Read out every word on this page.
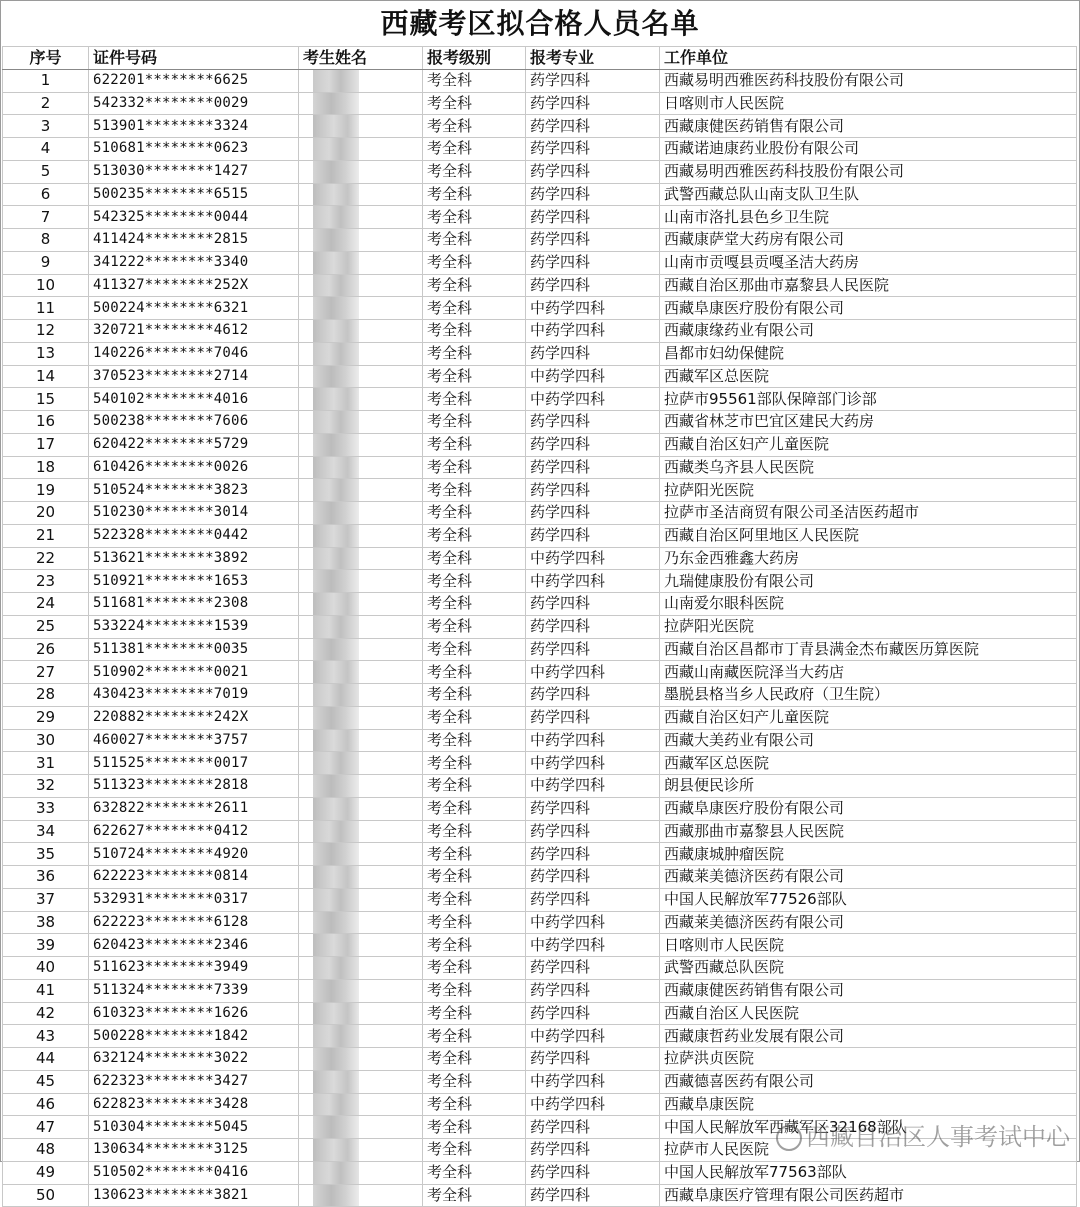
西藏考区拟合格人员名单
序号	证件号码	考生姓名	报考级别	报考专业	工作单位
1	622201********6625		考全科	药学四科	西藏易明西雅医药科技股份有限公司
2	542332********0029		考全科	药学四科	日喀则市人民医院
3	513901********3324		考全科	药学四科	西藏康健医药销售有限公司
4	510681********0623		考全科	药学四科	西藏诺迪康药业股份有限公司
5	513030********1427		考全科	药学四科	西藏易明西雅医药科技股份有限公司
6	500235********6515		考全科	药学四科	武警西藏总队山南支队卫生队
7	542325********0044		考全科	药学四科	山南市洛扎县色乡卫生院
8	411424********2815		考全科	药学四科	西藏康萨堂大药房有限公司
9	341222********3340		考全科	药学四科	山南市贡嘎县贡嘎圣洁大药房
10	411327********252X		考全科	药学四科	西藏自治区那曲市嘉黎县人民医院
11	500224********6321		考全科	中药学四科	西藏阜康医疗股份有限公司
12	320721********4612		考全科	中药学四科	西藏康缘药业有限公司
13	140226********7046		考全科	药学四科	昌都市妇幼保健院
14	370523********2714		考全科	中药学四科	西藏军区总医院
15	540102********4016		考全科	中药学四科	拉萨市95561部队保障部门诊部
16	500238********7606		考全科	药学四科	西藏省林芝市巴宜区建民大药房
17	620422********5729		考全科	药学四科	西藏自治区妇产儿童医院
18	610426********0026		考全科	药学四科	西藏类乌齐县人民医院
19	510524********3823		考全科	药学四科	拉萨阳光医院
20	510230********3014		考全科	药学四科	拉萨市圣洁商贸有限公司圣洁医药超市
21	522328********0442		考全科	药学四科	西藏自治区阿里地区人民医院
22	513621********3892		考全科	中药学四科	乃东金西雅鑫大药房
23	510921********1653		考全科	中药学四科	九瑞健康股份有限公司
24	511681********2308		考全科	药学四科	山南爱尔眼科医院
25	533224********1539		考全科	药学四科	拉萨阳光医院
26	511381********0035		考全科	药学四科	西藏自治区昌都市丁青县满金杰布藏医历算医院
27	510902********0021		考全科	中药学四科	西藏山南藏医院泽当大药店
28	430423********7019		考全科	药学四科	墨脱县格当乡人民政府（卫生院）
29	220882********242X		考全科	药学四科	西藏自治区妇产儿童医院
30	460027********3757		考全科	中药学四科	西藏大美药业有限公司
31	511525********0017		考全科	中药学四科	西藏军区总医院
32	511323********2818		考全科	中药学四科	朗县便民诊所
33	632822********2611		考全科	药学四科	西藏阜康医疗股份有限公司
34	622627********0412		考全科	药学四科	西藏那曲市嘉黎县人民医院
35	510724********4920		考全科	药学四科	西藏康城肿瘤医院
36	622223********0814		考全科	药学四科	西藏莱美德济医药有限公司
37	532931********0317		考全科	药学四科	中国人民解放军77526部队
38	622223********6128		考全科	中药学四科	西藏莱美德济医药有限公司
39	620423********2346		考全科	中药学四科	日喀则市人民医院
40	511623********3949		考全科	药学四科	武警西藏总队医院
41	511324********7339		考全科	药学四科	西藏康健医药销售有限公司
42	610323********1626		考全科	药学四科	西藏自治区人民医院
43	500228********1842		考全科	中药学四科	西藏康哲药业发展有限公司
44	632124********3022		考全科	药学四科	拉萨洪贞医院
45	622323********3427		考全科	中药学四科	西藏德喜医药有限公司
46	622823********3428		考全科	中药学四科	西藏阜康医院
47	510304********5045		考全科	药学四科	中国人民解放军西藏军区32168部队
48	130634********3125		考全科	药学四科	拉萨市人民医院
49	510502********0416		考全科	药学四科	中国人民解放军77563部队
50	130623********3821		考全科	药学四科	西藏阜康医疗管理有限公司医药超市
西藏自治区人事考试中心
